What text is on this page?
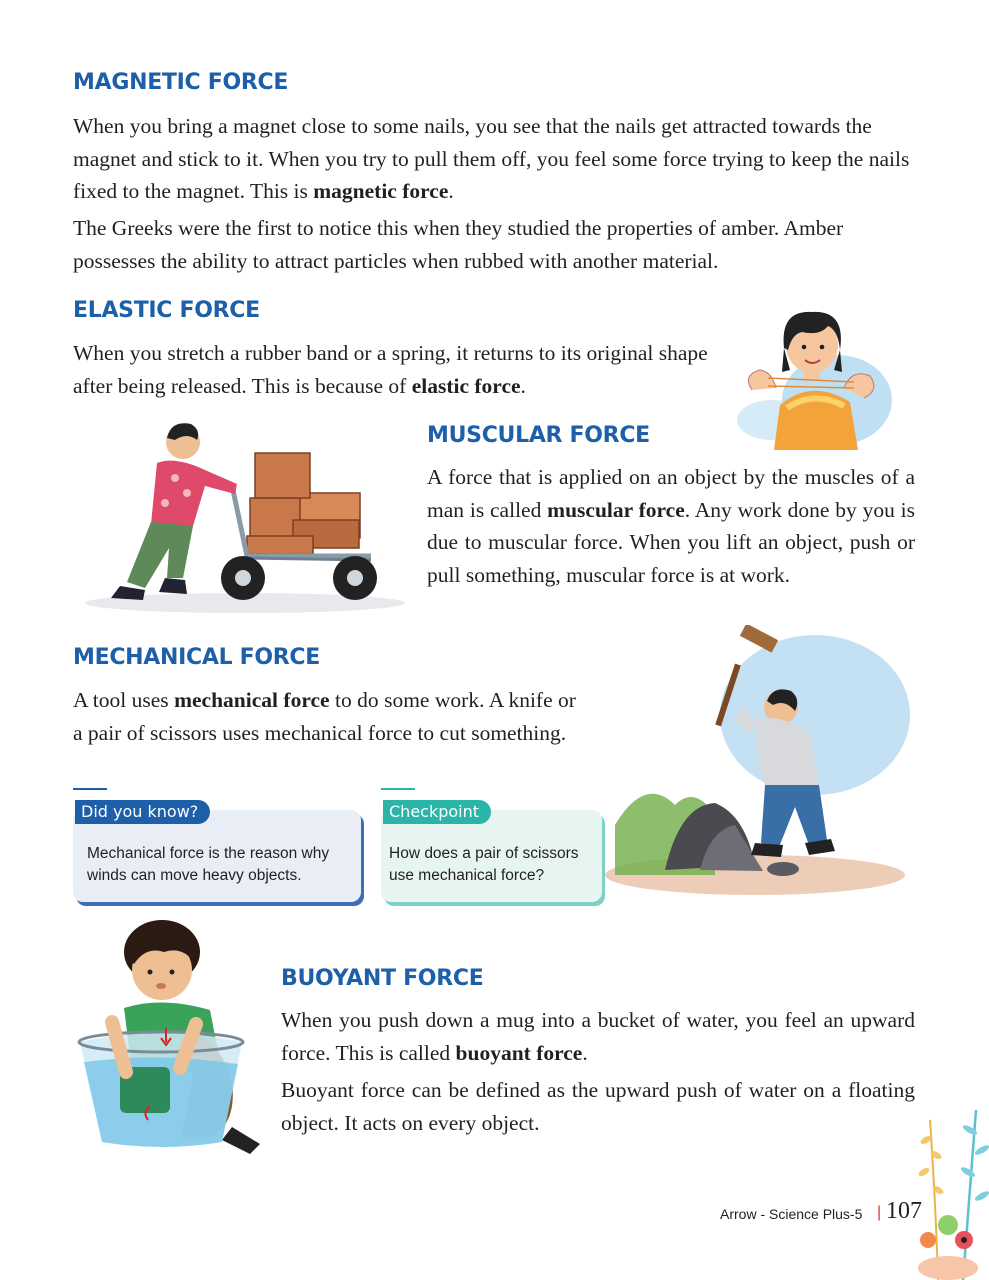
MAGNETIC FORCE

When you bring a magnet close to some nails, you see that the nails get attracted towards the magnet and stick to it. When you try to pull them off, you feel some force trying to keep the nails fixed to the magnet. This is magnetic force.

The Greeks were the first to notice this when they studied the properties of amber. Amber possesses the ability to attract particles when rubbed with another material.

ELASTIC FORCE

When you stretch a rubber band or a spring, it returns to its original shape after being released. This is because of elastic force.

MUSCULAR FORCE

A force that is applied on an object by the muscles of a man is called muscular force. Any work done by you is due to muscular force. When you lift an object, push or pull something, muscular force is at work.

MECHANICAL FORCE

A tool uses mechanical force to do some work. A knife or a pair of scissors uses mechanical force to cut something.

Did you know?
Mechanical force is the reason why winds can move heavy objects.
Checkpoint
How does a pair of scissors use mechanical force?
BUOYANT FORCE

When you push down a mug into a bucket of water, you feel an upward force. This is called buoyant force.

Buoyant force can be defined as the upward push of water on a floating object. It acts on every object.

Arrow - Science Plus-5 | 107
